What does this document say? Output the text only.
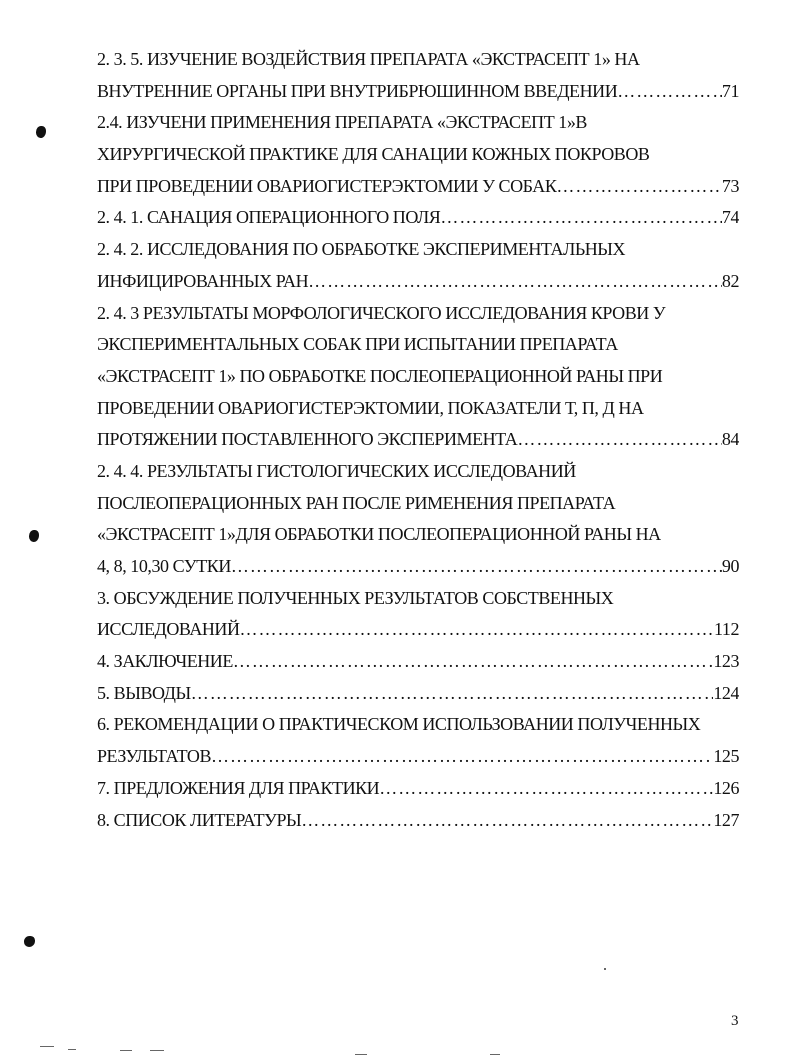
2. 3. 5. ИЗУЧЕНИЕ ВОЗДЕЙСТВИЯ ПРЕПАРАТА «ЭКСТРАСЕПТ 1» НА
ВНУТРЕННИЕ ОРГАНЫ ПРИ ВНУТРИБРЮШИННОМ ВВЕДЕНИИ ……………………………………………………………………………………………………………………………………………………	71
2.4. ИЗУЧЕНИ ПРИМЕНЕНИЯ ПРЕПАРАТА «ЭКСТРАСЕПТ 1»В
ХИРУРГИЧЕСКОЙ ПРАКТИКЕ ДЛЯ САНАЦИИ КОЖНЫХ ПОКРОВОВ
ПРИ ПРОВЕДЕНИИ ОВАРИОГИСТЕРЭКТОМИИ У СОБАК ……………………………………………………………………………………………………………………………………………………	73
2. 4. 1. САНАЦИЯ ОПЕРАЦИОННОГО ПОЛЯ ……………………………………………………………………………………………………………………………………………………	74
2. 4. 2. ИССЛЕДОВАНИЯ ПО ОБРАБОТКЕ ЭКСПЕРИМЕНТАЛЬНЫХ
ИНФИЦИРОВАННЫХ РАН ……………………………………………………………………………………………………………………………………………………	82
2. 4. 3 РЕЗУЛЬТАТЫ МОРФОЛОГИЧЕСКОГО ИССЛЕДОВАНИЯ КРОВИ У
ЭКСПЕРИМЕНТАЛЬНЫХ СОБАК ПРИ ИСПЫТАНИИ ПРЕПАРАТА
«ЭКСТРАСЕПТ 1» ПО ОБРАБОТКЕ ПОСЛЕОПЕРАЦИОННОЙ РАНЫ ПРИ
ПРОВЕДЕНИИ ОВАРИОГИСТЕРЭКТОМИИ, ПОКАЗАТЕЛИ Т, П, Д НА
ПРОТЯЖЕНИИ ПОСТАВЛЕННОГО ЭКСПЕРИМЕНТА ……………………………………………………………………………………………………………………………………………………	84
2. 4. 4. РЕЗУЛЬТАТЫ ГИСТОЛОГИЧЕСКИХ ИССЛЕДОВАНИЙ
ПОСЛЕОПЕРАЦИОННЫХ РАН ПОСЛЕ РИМЕНЕНИЯ ПРЕПАРАТА
«ЭКСТРАСЕПТ 1»ДЛЯ ОБРАБОТКИ ПОСЛЕОПЕРАЦИОННОЙ РАНЫ НА
4, 8, 10,30 СУТКИ ……………………………………………………………………………………………………………………………………………………	90
3. ОБСУЖДЕНИЕ ПОЛУЧЕННЫХ РЕЗУЛЬТАТОВ СОБСТВЕННЫХ
ИССЛЕДОВАНИЙ ……………………………………………………………………………………………………………………………………………………	112
4. ЗАКЛЮЧЕНИЕ ……………………………………………………………………………………………………………………………………………………	123
5. ВЫВОДЫ ……………………………………………………………………………………………………………………………………………………	124
6. РЕКОМЕНДАЦИИ О ПРАКТИЧЕСКОМ ИСПОЛЬЗОВАНИИ ПОЛУЧЕННЫХ
РЕЗУЛЬТАТОВ ……………………………………………………………………………………………………………………………………………………	125
7. ПРЕДЛОЖЕНИЯ ДЛЯ ПРАКТИКИ ……………………………………………………………………………………………………………………………………………………	126
8. СПИСОК ЛИТЕРАТУРЫ ……………………………………………………………………………………………………………………………………………………	127
3
